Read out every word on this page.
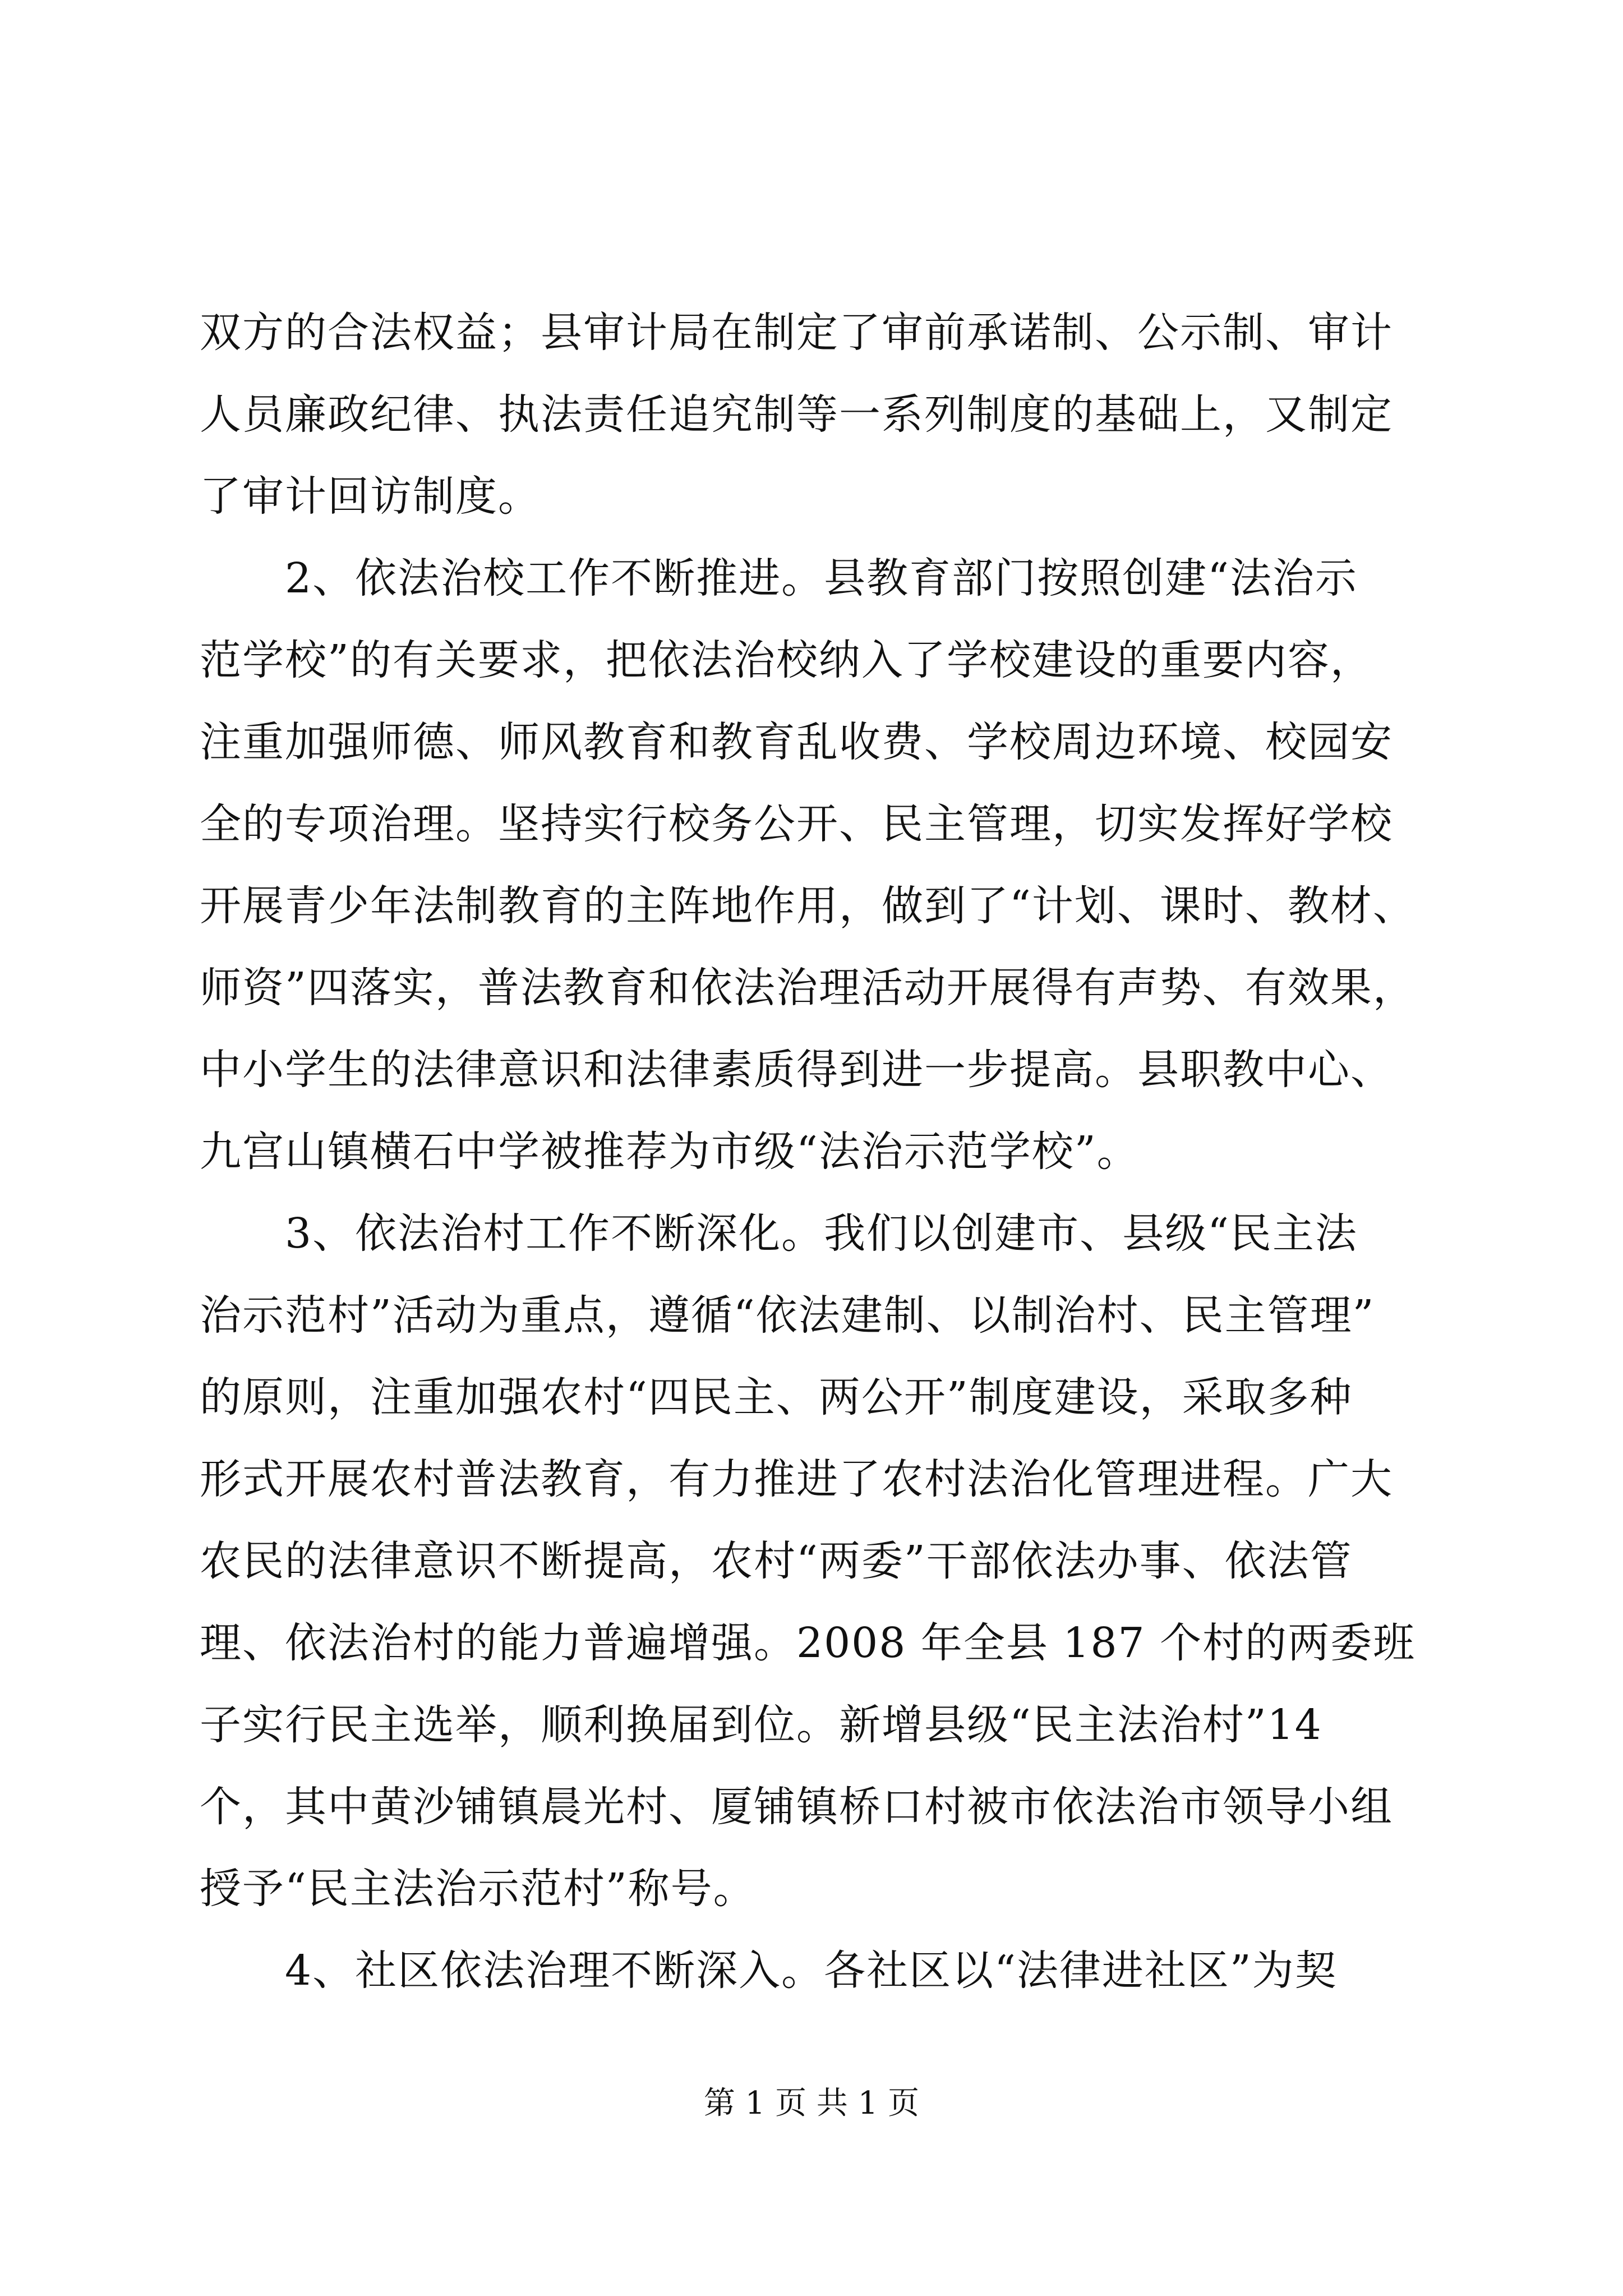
双方的合法权益；县审计局在制定了审前承诺制、公示制、审计
人员廉政纪律、执法责任追究制等一系列制度的基础上，又制定
了审计回访制度。
2、依法治校工作不断推进。县教育部门按照创建“法治示
范学校”的有关要求，把依法治校纳入了学校建设的重要内容，
注重加强师德、师风教育和教育乱收费、学校周边环境、校园安
全的专项治理。坚持实行校务公开、民主管理，切实发挥好学校
开展青少年法制教育的主阵地作用，做到了“计划、课时、教材、
师资”四落实，普法教育和依法治理活动开展得有声势、有效果，
中小学生的法律意识和法律素质得到进一步提高。县职教中心、
九宫山镇横石中学被推荐为市级“法治示范学校”。
3、依法治村工作不断深化。我们以创建市、县级“民主法
治示范村”活动为重点，遵循“依法建制、以制治村、民主管理”
的原则，注重加强农村“四民主、两公开”制度建设，采取多种
形式开展农村普法教育，有力推进了农村法治化管理进程。广大
农民的法律意识不断提高，农村“两委”干部依法办事、依法管
理、依法治村的能力普遍增强。2008 年全县 187 个村的两委班
子实行民主选举，顺利换届到位。新增县级“民主法治村”14
个，其中黄沙铺镇晨光村、厦铺镇桥口村被市依法治市领导小组
授予“民主法治示范村”称号。
4、社区依法治理不断深入。各社区以“法律进社区”为契
第 1 页 共 1 页
